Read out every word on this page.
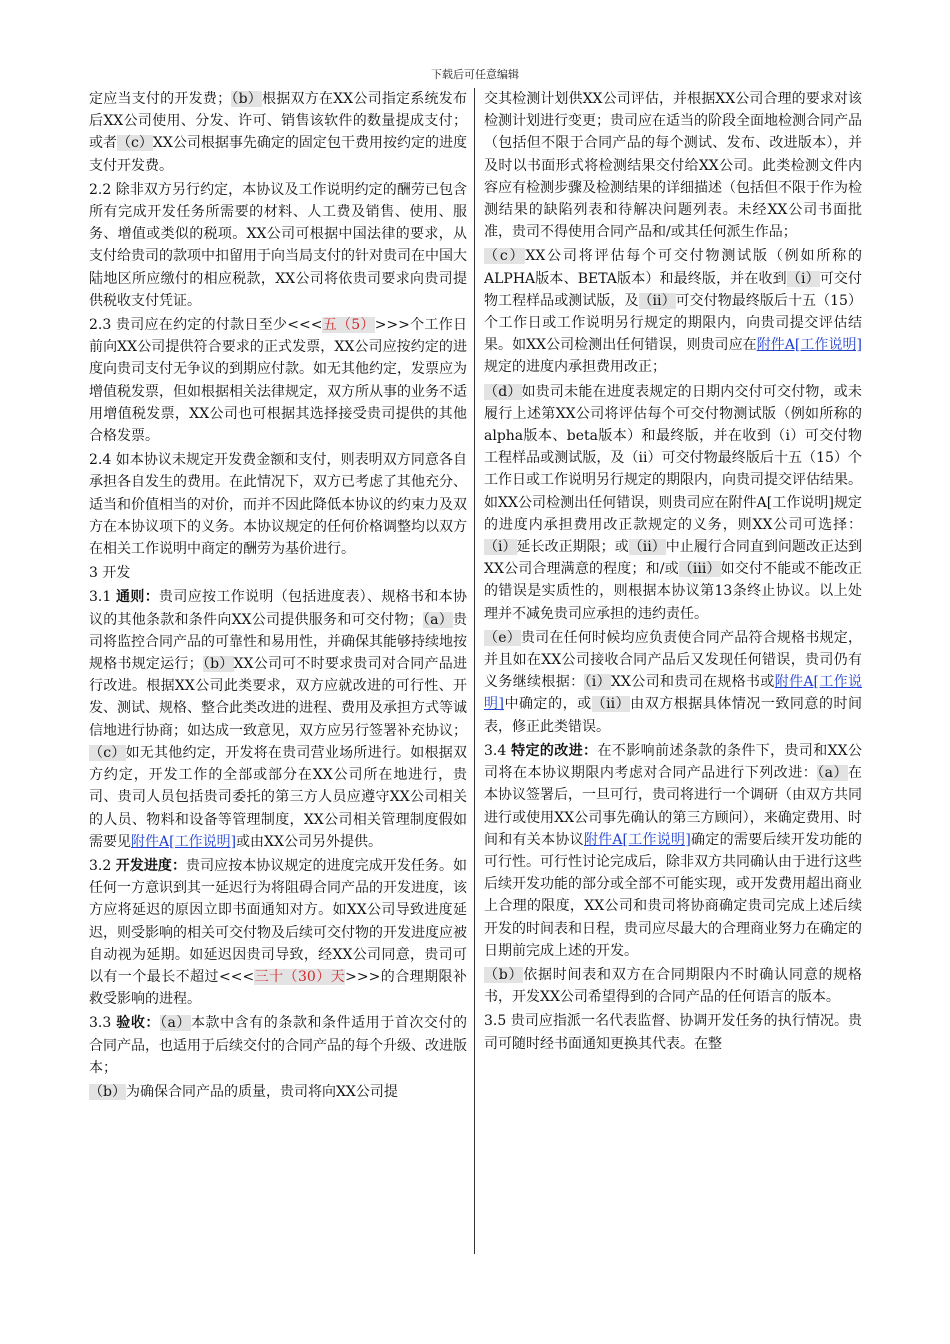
下载后可任意编辑

定应当支付的开发费；（b）根据双方在XX公司指定系统发布后XX公司使用、分发、许可、销售该软件的数量提成支付；或者（c）XX公司根据事先确定的固定包干费用按约定的进度支付开发费。

2.2 除非双方另行约定，本协议及工作说明约定的酬劳已包含所有完成开发任务所需要的材料、人工费及销售、使用、服务、增值或类似的税项。XX公司可根据中国法律的要求，从支付给贵司的款项中扣留用于向当局支付的针对贵司在中国大陆地区所应缴付的相应税款，XX公司将依贵司要求向贵司提供税收支付凭证。

2.3 贵司应在约定的付款日至少<<<五（5）>>>个工作日前向XX公司提供符合要求的正式发票，XX公司应按约定的进度向贵司支付无争议的到期应付款。如无其他约定，发票应为增值税发票，但如根据相关法律规定，双方所从事的业务不适用增值税发票，XX公司也可根据其选择接受贵司提供的其他合格发票。

2.4 如本协议未规定开发费金额和支付，则表明双方同意各自承担各自发生的费用。在此情况下，双方已考虑了其他充分、适当和价值相当的对价，而并不因此降低本协议的约束力及双方在本协议项下的义务。本协议规定的任何价格调整均以双方在相关工作说明中商定的酬劳为基价进行。

3 开发

3.1 通则：贵司应按工作说明（包括进度表）、规格书和本协议的其他条款和条件向XX公司提供服务和可交付物；（a）贵司将监控合同产品的可靠性和易用性，并确保其能够持续地按规格书规定运行；（b）XX公司可不时要求贵司对合同产品进行改进。根据XX公司此类要求，双方应就改进的可行性、开发、测试、规格、整合此类改进的进程、费用及承担方式等诚信地进行协商；如达成一致意见，双方应另行签署补充协议；（c）如无其他约定，开发将在贵司营业场所进行。如根据双方约定，开发工作的全部或部分在XX公司所在地进行，贵司、贵司人员包括贵司委托的第三方人员应遵守XX公司相关的人员、物料和设备等管理制度，XX公司相关管理制度假如需要见附件A[工作说明]或由XX公司另外提供。

3.2 开发进度：贵司应按本协议规定的进度完成开发任务。如任何一方意识到其一延迟行为将阻碍合同产品的开发进度，该方应将延迟的原因立即书面通知对方。如XX公司导致进度延迟，则受影响的相关可交付物及后续可交付物的开发进度应被自动视为延期。如延迟因贵司导致，经XX公司同意，贵司可以有一个最长不超过<<<三十（30）天>>>的合理期限补救受影响的进程。

3.3 验收：（a）本款中含有的条款和条件适用于首次交付的合同产品，也适用于后续交付的合同产品的每个升级、改进版本；

（b）为确保合同产品的质量，贵司将向XX公司提

交其检测计划供XX公司评估，并根据XX公司合理的要求对该检测计划进行变更；贵司应在适当的阶段全面地检测合同产品（包括但不限于合同产品的每个测试、发布、改进版本），并及时以书面形式将检测结果交付给XX公司。此类检测文件内容应有检测步骤及检测结果的详细描述（包括但不限于作为检测结果的缺陷列表和待解决问题列表。未经XX公司书面批准，贵司不得使用合同产品和/或其任何派生作品；

（c）XX公司将评估每个可交付物测试版（例如所称的ALPHA版本、BETA版本）和最终版，并在收到（i）可交付物工程样品或测试版，及（ii）可交付物最终版后十五（15）个工作日或工作说明另行规定的期限内，向贵司提交评估结果。如XX公司检测出任何错误，则贵司应在附件A[工作说明]规定的进度内承担费用改正；

（d）如贵司未能在进度表规定的日期内交付可交付物，或未履行上述第XX公司将评估每个可交付物测试版（例如所称的alpha版本、beta版本）和最终版，并在收到（i）可交付物工程样品或测试版，及（ii）可交付物最终版后十五（15）个工作日或工作说明另行规定的期限内，向贵司提交评估结果。如XX公司检测出任何错误，则贵司应在附件A[工作说明]规定的进度内承担费用改正款规定的义务，则XX公司可选择：（i）延长改正期限；或（ii）中止履行合同直到问题改正达到XX公司合理满意的程度；和/或（iii）如交付不能或不能改正的错误是实质性的，则根据本协议第13条终止协议。以上处理并不减免贵司应承担的违约责任。

（e）贵司在任何时候均应负责使合同产品符合规格书规定，并且如在XX公司接收合同产品后又发现任何错误，贵司仍有义务继续根据：（i）XX公司和贵司在规格书或附件A[工作说明]中确定的，或（ii）由双方根据具体情况一致同意的时间表，修正此类错误。

3.4 特定的改进：在不影响前述条款的条件下，贵司和XX公司将在本协议期限内考虑对合同产品进行下列改进：（a）在本协议签署后，一旦可行，贵司将进行一个调研（由双方共同进行或使用XX公司事先确认的第三方顾问），来确定费用、时间和有关本协议附件A[工作说明]确定的需要后续开发功能的可行性。可行性讨论完成后，除非双方共同确认由于进行这些后续开发功能的部分或全部不可能实现，或开发费用超出商业上合理的限度，XX公司和贵司将协商确定贵司完成上述后续开发的时间表和日程，贵司应尽最大的合理商业努力在确定的日期前完成上述的开发。

（b）依据时间表和双方在合同期限内不时确认同意的规格书，开发XX公司希望得到的合同产品的任何语言的版本。

3.5 贵司应指派一名代表监督、协调开发任务的执行情况。贵司可随时经书面通知更换其代表。在整
